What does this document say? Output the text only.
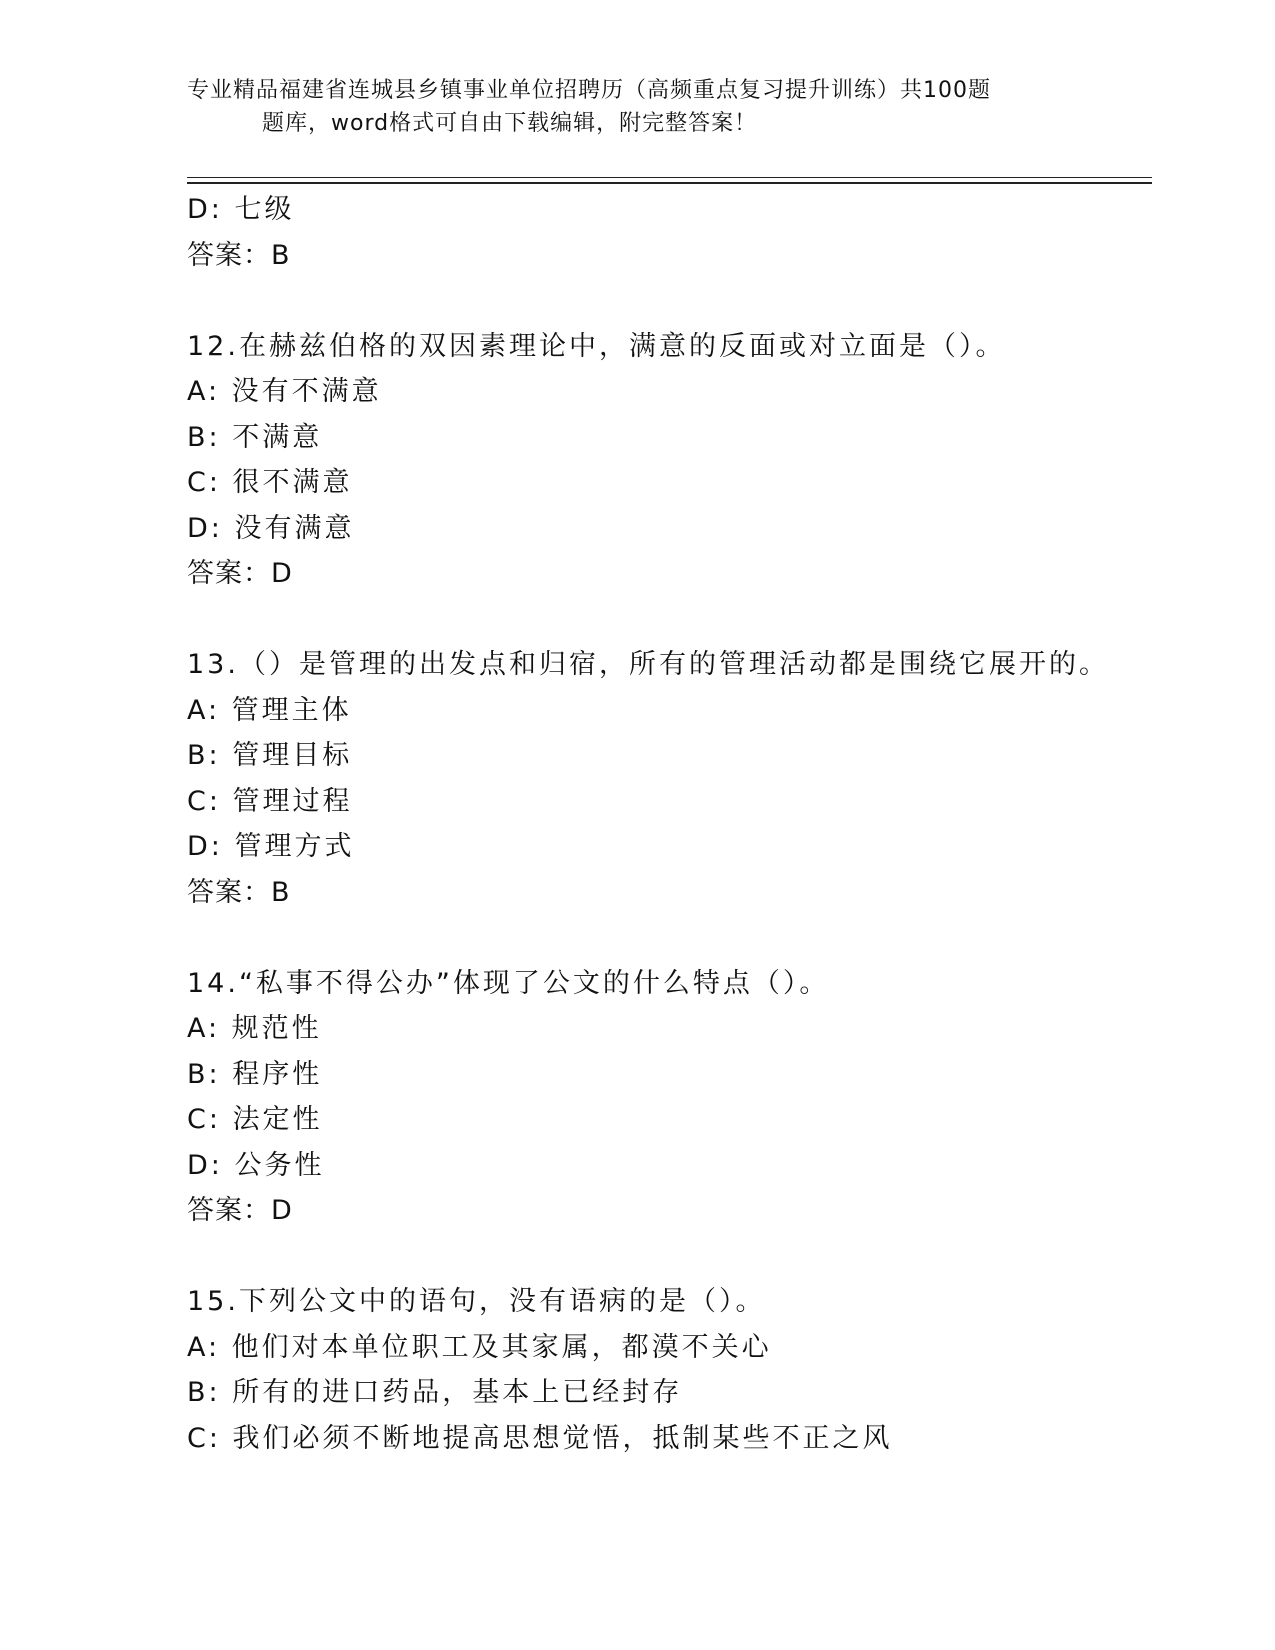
专业精品福建省连城县乡镇事业单位招聘历（高频重点复习提升训练）共100题
题库，word格式可自由下载编辑，附完整答案！
D: 七级
答案：B
12.在赫兹伯格的双因素理论中，满意的反面或对立面是（）。
A: 没有不满意
B: 不满意
C: 很不满意
D: 没有满意
答案：D
13.（）是管理的出发点和归宿，所有的管理活动都是围绕它展开的。
A: 管理主体
B: 管理目标
C: 管理过程
D: 管理方式
答案：B
14.“私事不得公办”体现了公文的什么特点（）。
A: 规范性
B: 程序性
C: 法定性
D: 公务性
答案：D
15.下列公文中的语句，没有语病的是（）。
A: 他们对本单位职工及其家属，都漠不关心
B: 所有的进口药品，基本上已经封存
C: 我们必须不断地提高思想觉悟，抵制某些不正之风
